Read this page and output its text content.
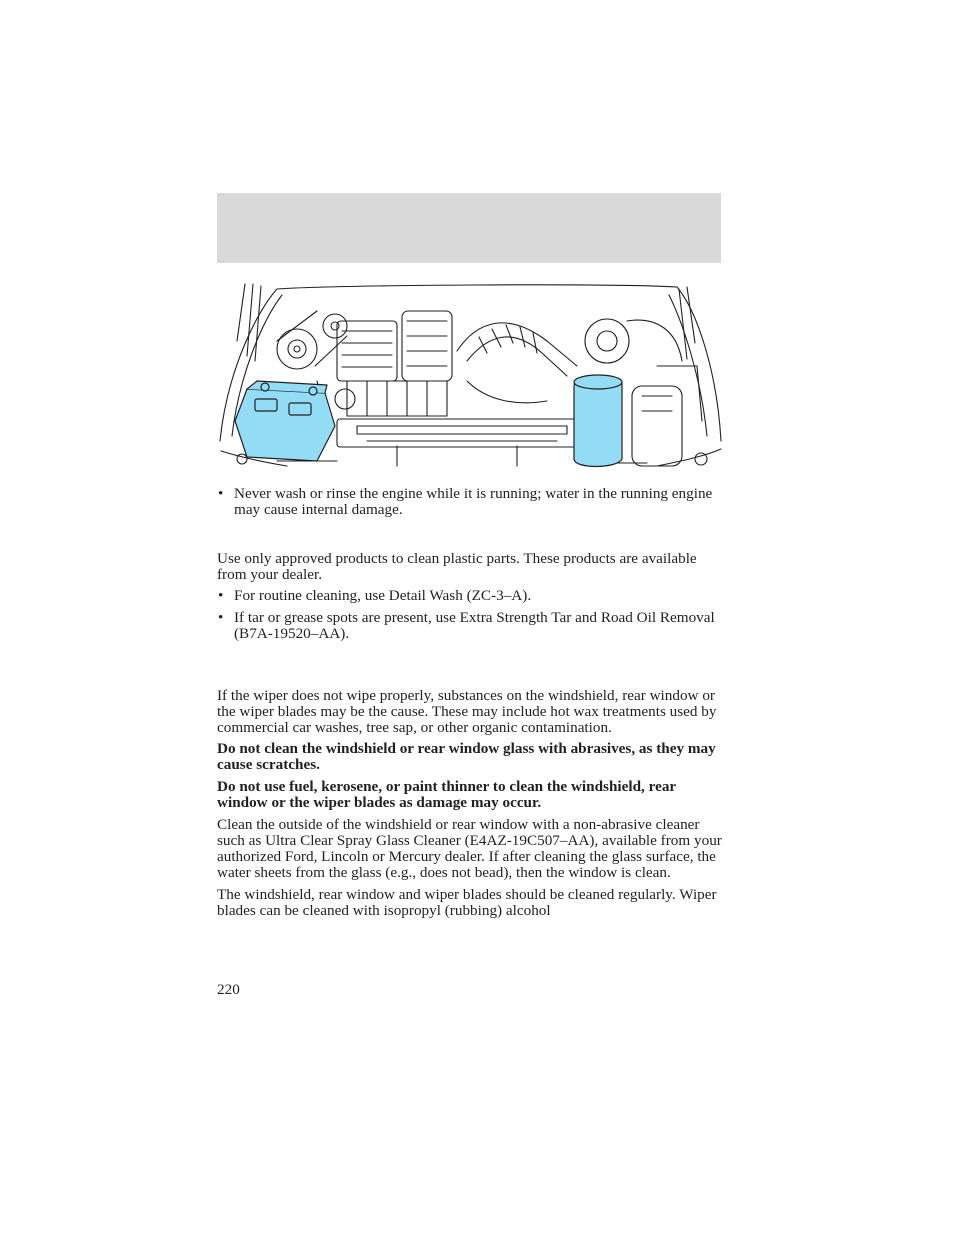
• Never wash or rinse the engine while it is running; water in the running engine may cause internal damage.

Use only approved products to clean plastic parts. These products are available from your dealer.

• For routine cleaning, use Detail Wash (ZC-3–A).

• If tar or grease spots are present, use Extra Strength Tar and Road Oil Removal (B7A-19520–AA).

If the wiper does not wipe properly, substances on the windshield, rear window or the wiper blades may be the cause. These may include hot wax treatments used by commercial car washes, tree sap, or other organic contamination.

Do not clean the windshield or rear window glass with abrasives, as they may cause scratches.

Do not use fuel, kerosene, or paint thinner to clean the windshield, rear window or the wiper blades as damage may occur.

Clean the outside of the windshield or rear window with a non-abrasive cleaner such as Ultra Clear Spray Glass Cleaner (E4AZ-19C507–AA), available from your authorized Ford, Lincoln or Mercury dealer. If after cleaning the glass surface, the water sheets from the glass (e.g., does not bead), then the window is clean.

The windshield, rear window and wiper blades should be cleaned regularly. Wiper blades can be cleaned with isopropyl (rubbing) alcohol

220
